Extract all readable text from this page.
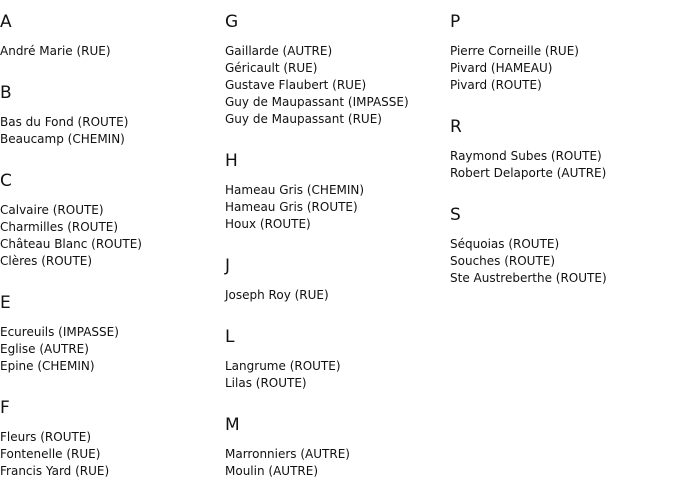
A
André Marie (RUE)
B
Bas du Fond (ROUTE)
Beaucamp (CHEMIN)
C
Calvaire (ROUTE)
Charmilles (ROUTE)
Château Blanc (ROUTE)
Clères (ROUTE)
E
Ecureuils (IMPASSE)
Eglise (AUTRE)
Epine (CHEMIN)
F
Fleurs (ROUTE)
Fontenelle (RUE)
Francis Yard (RUE)
G
Gaillarde (AUTRE)
Géricault (RUE)
Gustave Flaubert (RUE)
Guy de Maupassant (IMPASSE)
Guy de Maupassant (RUE)
H
Hameau Gris (CHEMIN)
Hameau Gris (ROUTE)
Houx (ROUTE)
J
Joseph Roy (RUE)
L
Langrume (ROUTE)
Lilas (ROUTE)
M
Marronniers (AUTRE)
Moulin (AUTRE)
P
Pierre Corneille (RUE)
Pivard (HAMEAU)
Pivard (ROUTE)
R
Raymond Subes (ROUTE)
Robert Delaporte (AUTRE)
S
Séquoias (ROUTE)
Souches (ROUTE)
Ste Austreberthe (ROUTE)
